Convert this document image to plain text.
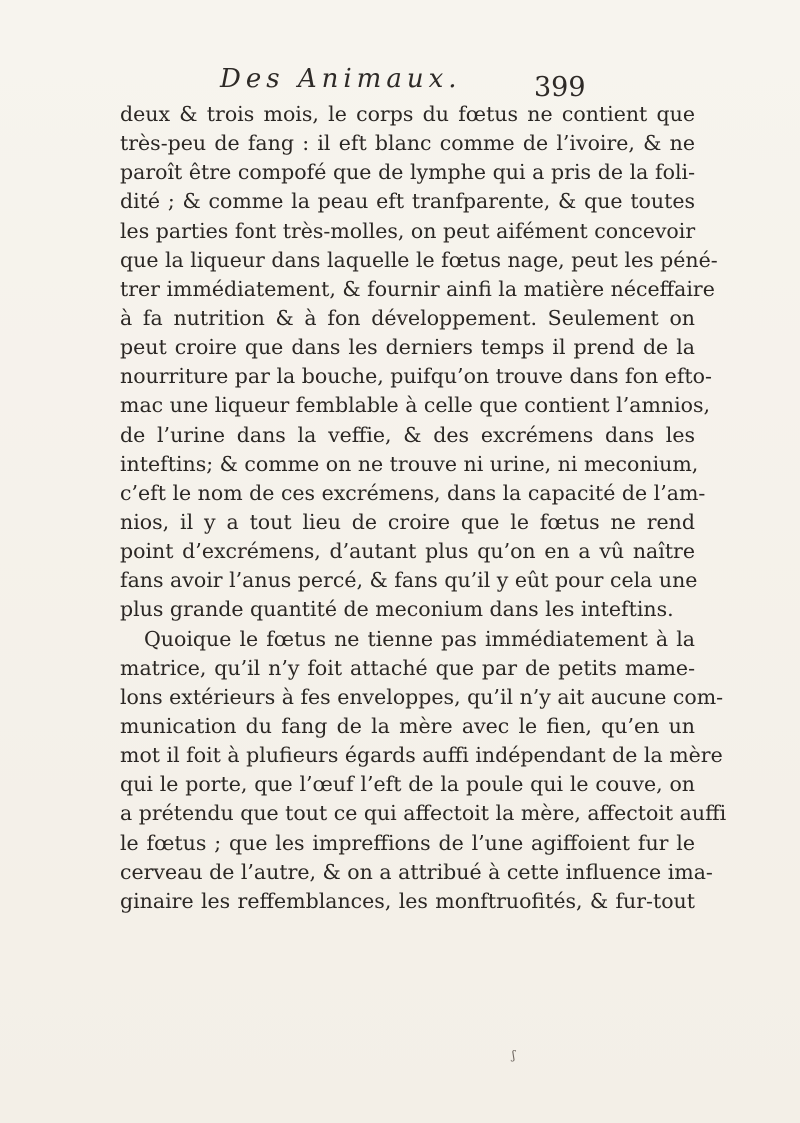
Des Animaux.	399
deux & trois mois, le corps du fœtus ne contient que
très-peu de fang : il eft blanc comme de l’ivoire, & ne
paroît être compofé que de lymphe qui a pris de la foli-
dité ; & comme la peau eft tranfparente, & que toutes
les parties font très-molles, on peut aifément concevoir
que la liqueur dans laquelle le fœtus nage, peut les péné-
trer immédiatement, & fournir ainfi la matière néceffaire
à fa nutrition & à fon développement. Seulement on
peut croire que dans les derniers temps il prend de la
nourriture par la bouche, puifqu’on trouve dans fon efto-
mac une liqueur femblable à celle que contient l’amnios,
de l’urine dans la veffie, & des excrémens dans les
inteftins; & comme on ne trouve ni urine, ni meconium,
c’eft le nom de ces excrémens, dans la capacité de l’am-
nios, il y a tout lieu de croire que le fœtus ne rend
point d’excrémens, d’autant plus qu’on en a vû naître
fans avoir l’anus percé, & fans qu’il y eût pour cela une
plus grande quantité de meconium dans les inteftins.
Quoique le fœtus ne tienne pas immédiatement à la
matrice, qu’il n’y foit attaché que par de petits mame-
lons extérieurs à fes enveloppes, qu’il n’y ait aucune com-
munication du fang de la mère avec le fien, qu’en un
mot il foit à plufieurs égards auffi indépendant de la mère
qui le porte, que l’œuf l’eft de la poule qui le couve, on
a prétendu que tout ce qui affectoit la mère, affectoit auffi
le fœtus ; que les impreffions de l’une agiffoient fur le
cerveau de l’autre, & on a attribué à cette influence ima-
ginaire les reffemblances, les monftruofités, & fur-tout
ʃ
